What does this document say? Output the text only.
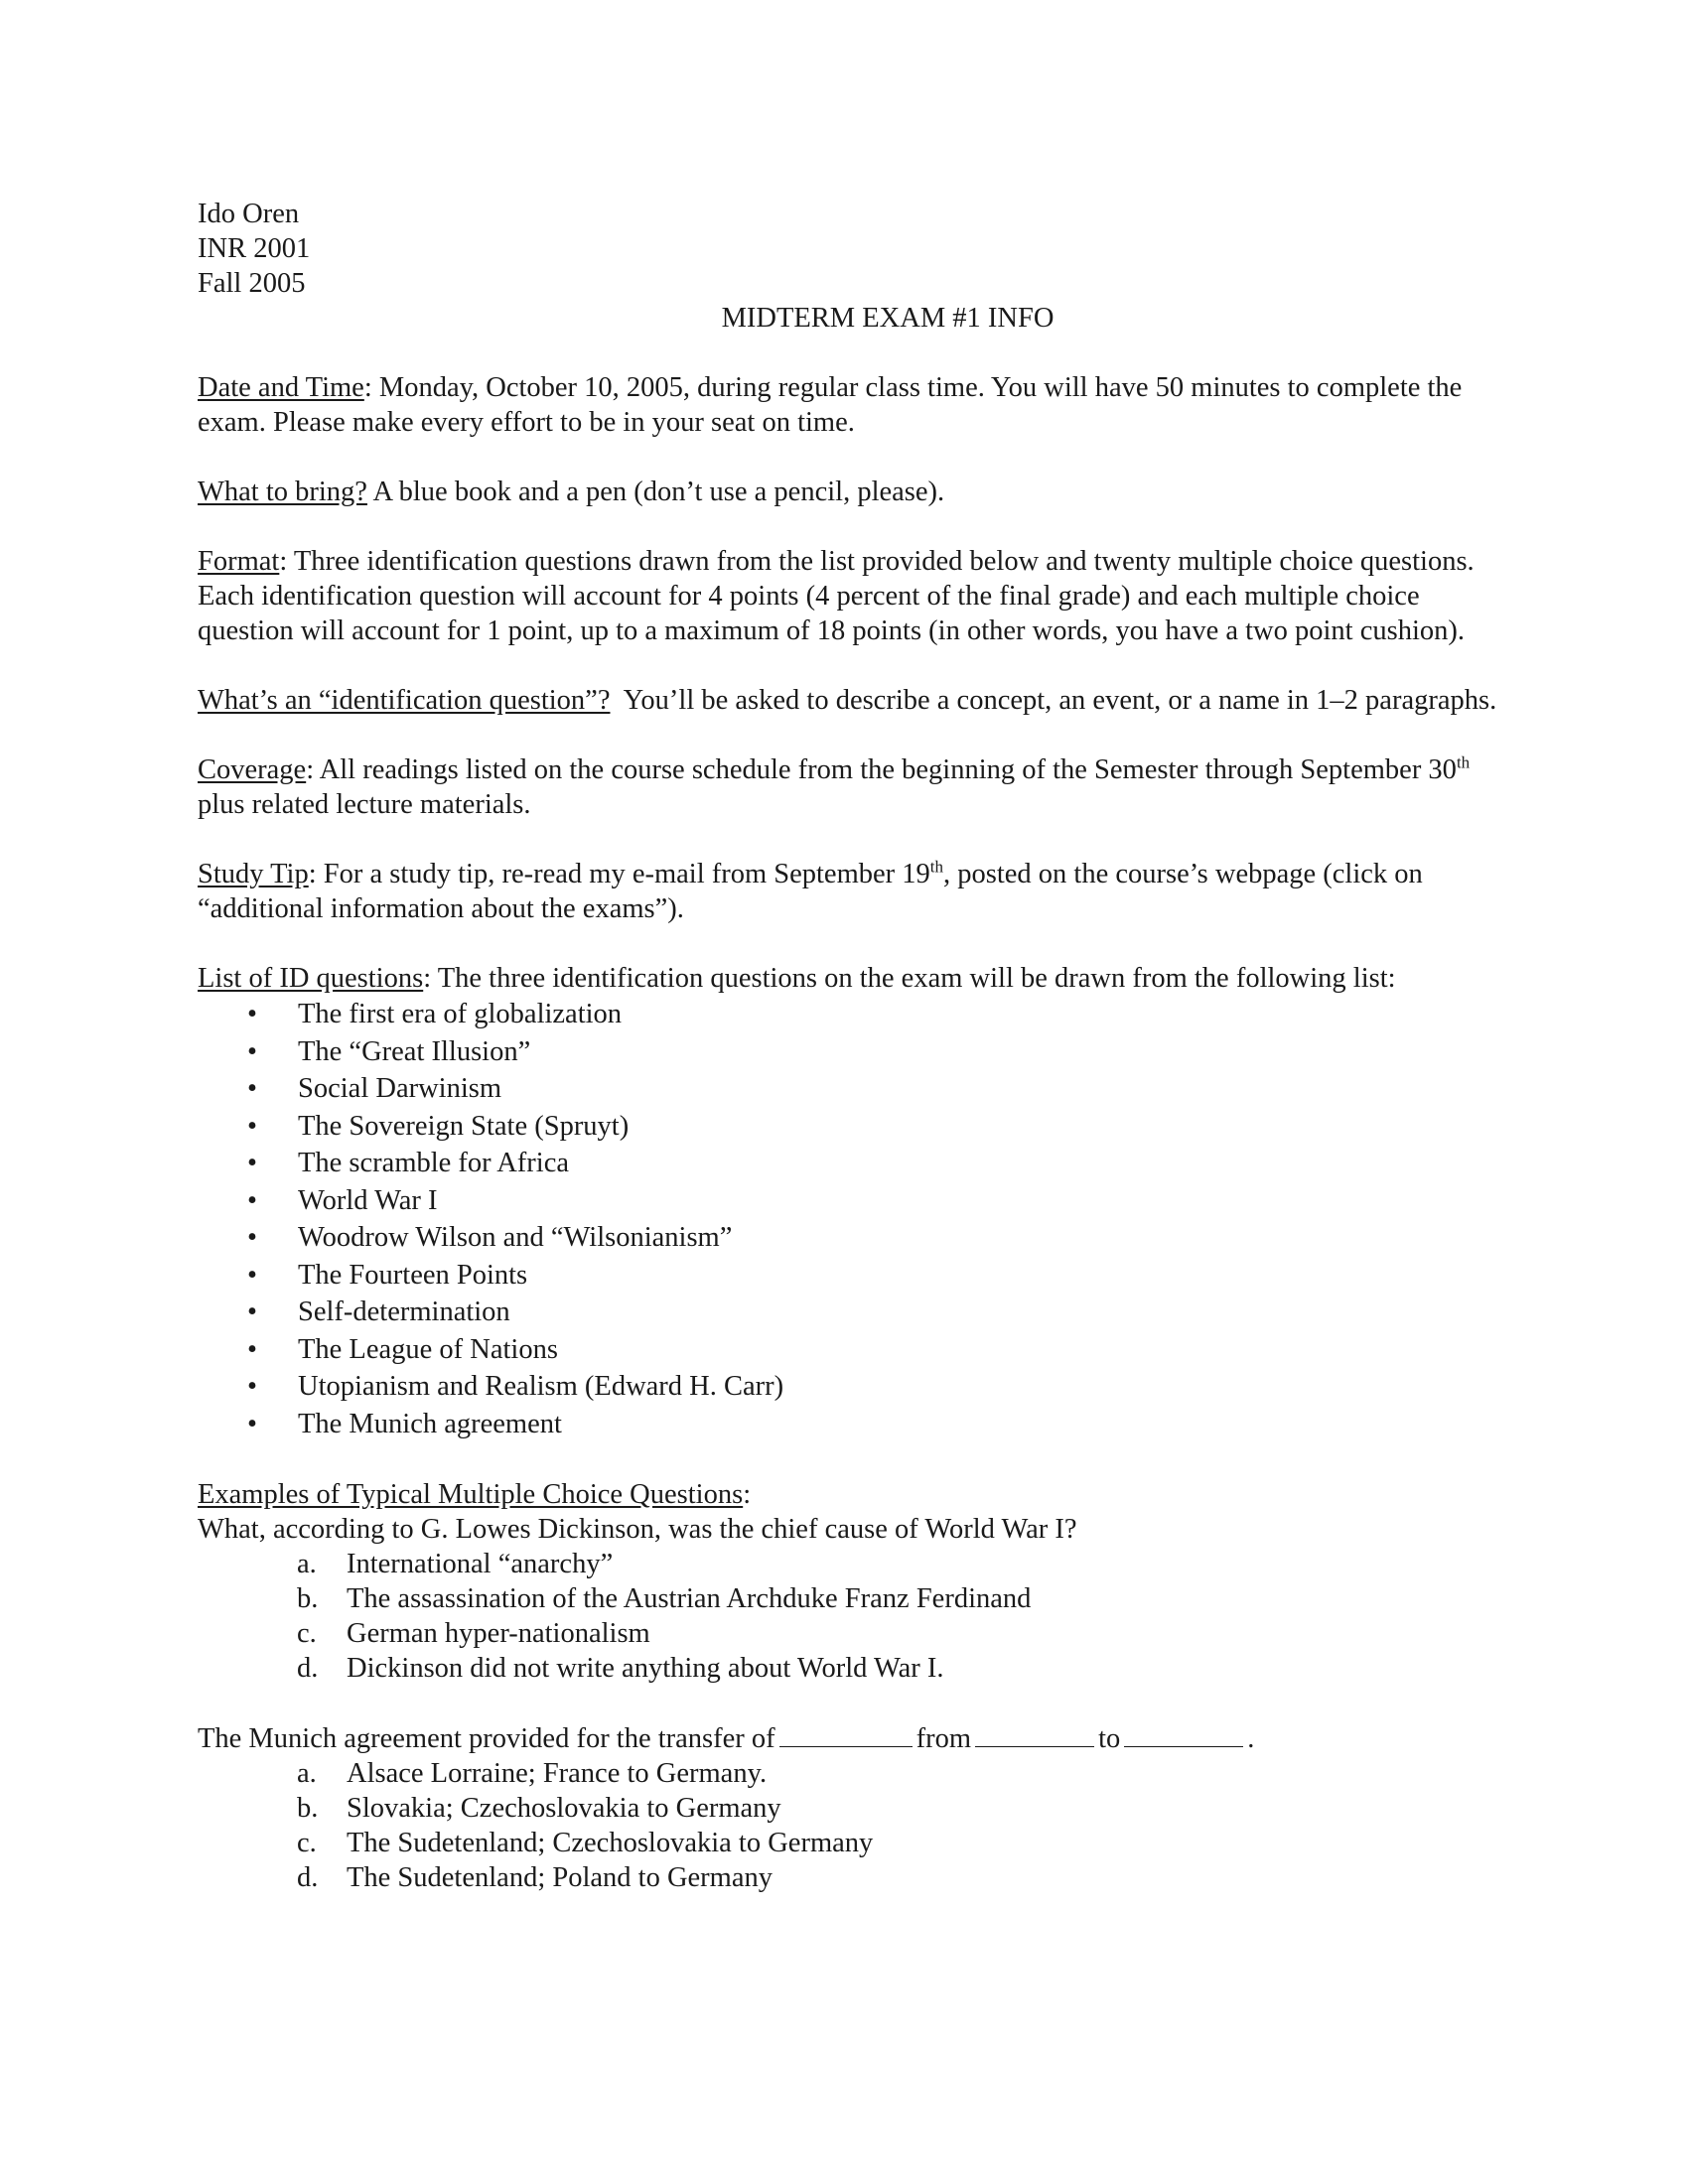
Ido Oren
INR 2001
Fall 2005
MIDTERM EXAM #1 INFO

Date and Time: Monday, October 10, 2005, during regular class time. You will have 50 minutes to complete the exam. Please make every effort to be in your seat on time.

What to bring? A blue book and a pen (don’t use a pencil, please).

Format: Three identification questions drawn from the list provided below and twenty multiple choice questions. Each identification question will account for 4 points (4 percent of the final grade) and each multiple choice question will account for 1 point, up to a maximum of 18 points (in other words, you have a two point cushion).

What’s an “identification question”?  You’ll be asked to describe a concept, an event, or a name in 1–2 paragraphs.

Coverage: All readings listed on the course schedule from the beginning of the Semester through September 30th plus related lecture materials.

Study Tip: For a study tip, re-read my e-mail from September 19th, posted on the course’s webpage (click on “additional information about the exams”).

List of ID questions: The three identification questions on the exam will be drawn from the following list:

• The first era of globalization
• The “Great Illusion”
• Social Darwinism
• The Sovereign State (Spruyt)
• The scramble for Africa
• World War I
• Woodrow Wilson and “Wilsonianism”
• The Fourteen Points
• Self-determination
• The League of Nations
• Utopianism and Realism (Edward H. Carr)
• The Munich agreement

Examples of Typical Multiple Choice Questions:

What, according to G. Lowes Dickinson, was the chief cause of World War I?

a. International “anarchy”
b. The assassination of the Austrian Archduke Franz Ferdinand
c. German hyper-nationalism
d. Dickinson did not write anything about World War I.

The Munich agreement provided for the transfer of	from	to	.

a. Alsace Lorraine; France to Germany.
b. Slovakia; Czechoslovakia to Germany
c. The Sudetenland; Czechoslovakia to Germany
d. The Sudetenland; Poland to Germany
